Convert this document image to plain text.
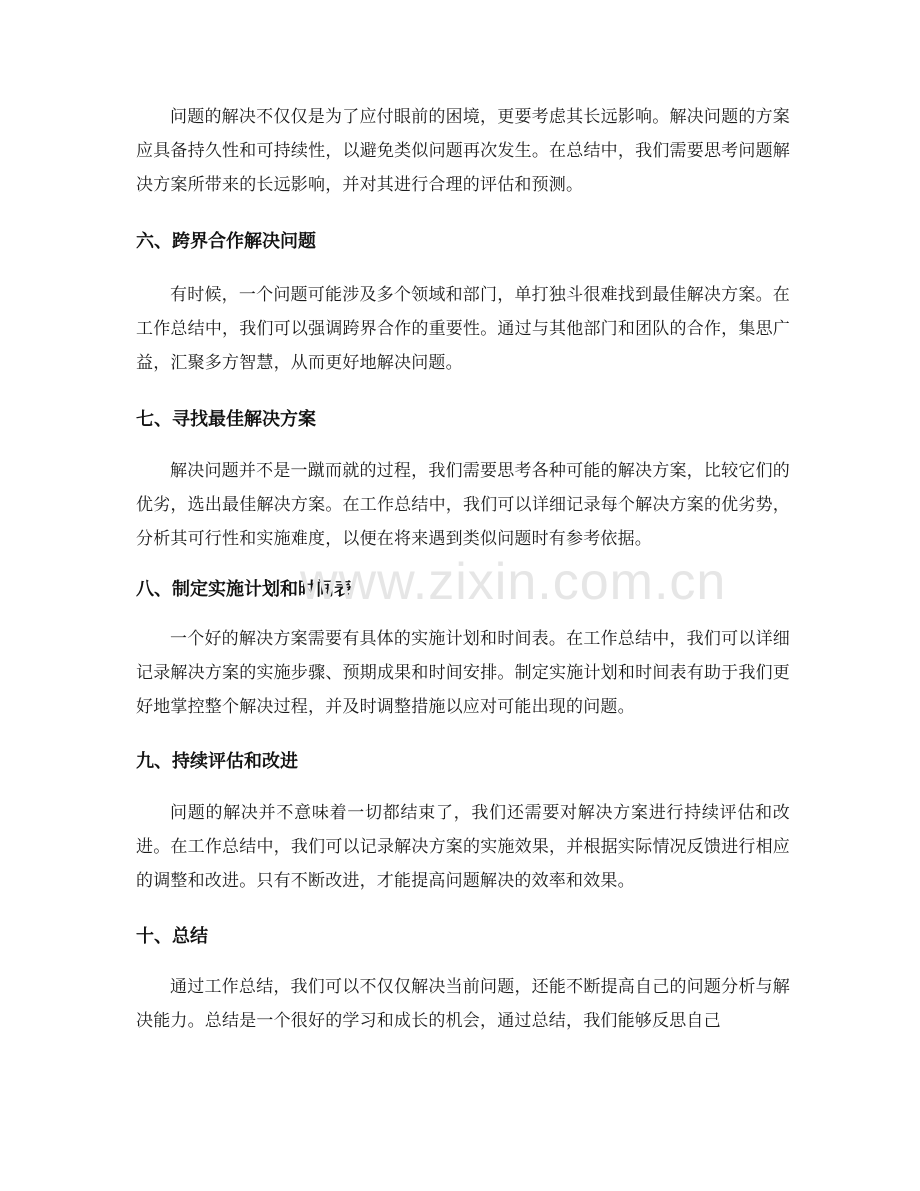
问题的解决不仅仅是为了应付眼前的困境，更要考虑其长远影响。解决问题的方案应具备持久性和可持续性，以避免类似问题再次发生。在总结中，我们需要思考问题解决方案所带来的长远影响，并对其进行合理的评估和预测。

六、跨界合作解决问题

有时候，一个问题可能涉及多个领域和部门，单打独斗很难找到最佳解决方案。在工作总结中，我们可以强调跨界合作的重要性。通过与其他部门和团队的合作，集思广益，汇聚多方智慧，从而更好地解决问题。

七、寻找最佳解决方案

解决问题并不是一蹴而就的过程，我们需要思考各种可能的解决方案，比较它们的优劣，选出最佳解决方案。在工作总结中，我们可以详细记录每个解决方案的优劣势，分析其可行性和实施难度，以便在将来遇到类似问题时有参考依据。

八、制定实施计划和时间表

一个好的解决方案需要有具体的实施计划和时间表。在工作总结中，我们可以详细记录解决方案的实施步骤、预期成果和时间安排。制定实施计划和时间表有助于我们更好地掌控整个解决过程，并及时调整措施以应对可能出现的问题。

九、持续评估和改进

问题的解决并不意味着一切都结束了，我们还需要对解决方案进行持续评估和改进。在工作总结中，我们可以记录解决方案的实施效果，并根据实际情况反馈进行相应的调整和改进。只有不断改进，才能提高问题解决的效率和效果。

十、总结

通过工作总结，我们可以不仅仅解决当前问题，还能不断提高自己的问题分析与解决能力。总结是一个很好的学习和成长的机会，通过总结，我们能够反思自己

www.zixin.com.cn
